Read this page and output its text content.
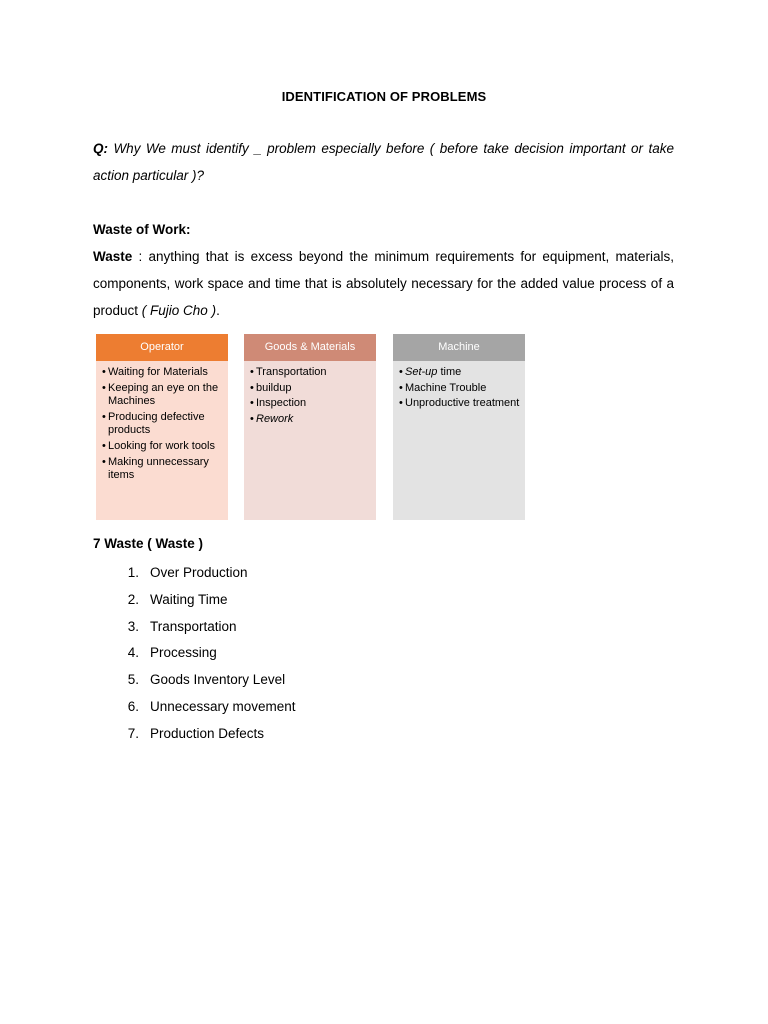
IDENTIFICATION OF PROBLEMS
Q: Why We must identify _ problem especially before ( before take decision important or take action particular )?
Waste of Work:
Waste : anything that is excess beyond the minimum requirements for equipment, materials, components, work space and time that is absolutely necessary for the added value process of a product ( Fujio Cho ).
Operator
• Waiting for Materials
• Keeping an eye on the Machines
• Producing defective products
• Looking for work tools
• Making unnecessary items
Goods & Materials
• Transportation
• buildup
• Inspection
• Rework
Machine
• Set-up time
• Machine Trouble
• Unproductive treatment
7 Waste ( Waste )
1. Over Production
2. Waiting Time
3. Transportation
4. Processing
5. Goods Inventory Level
6. Unnecessary movement
7. Production Defects
